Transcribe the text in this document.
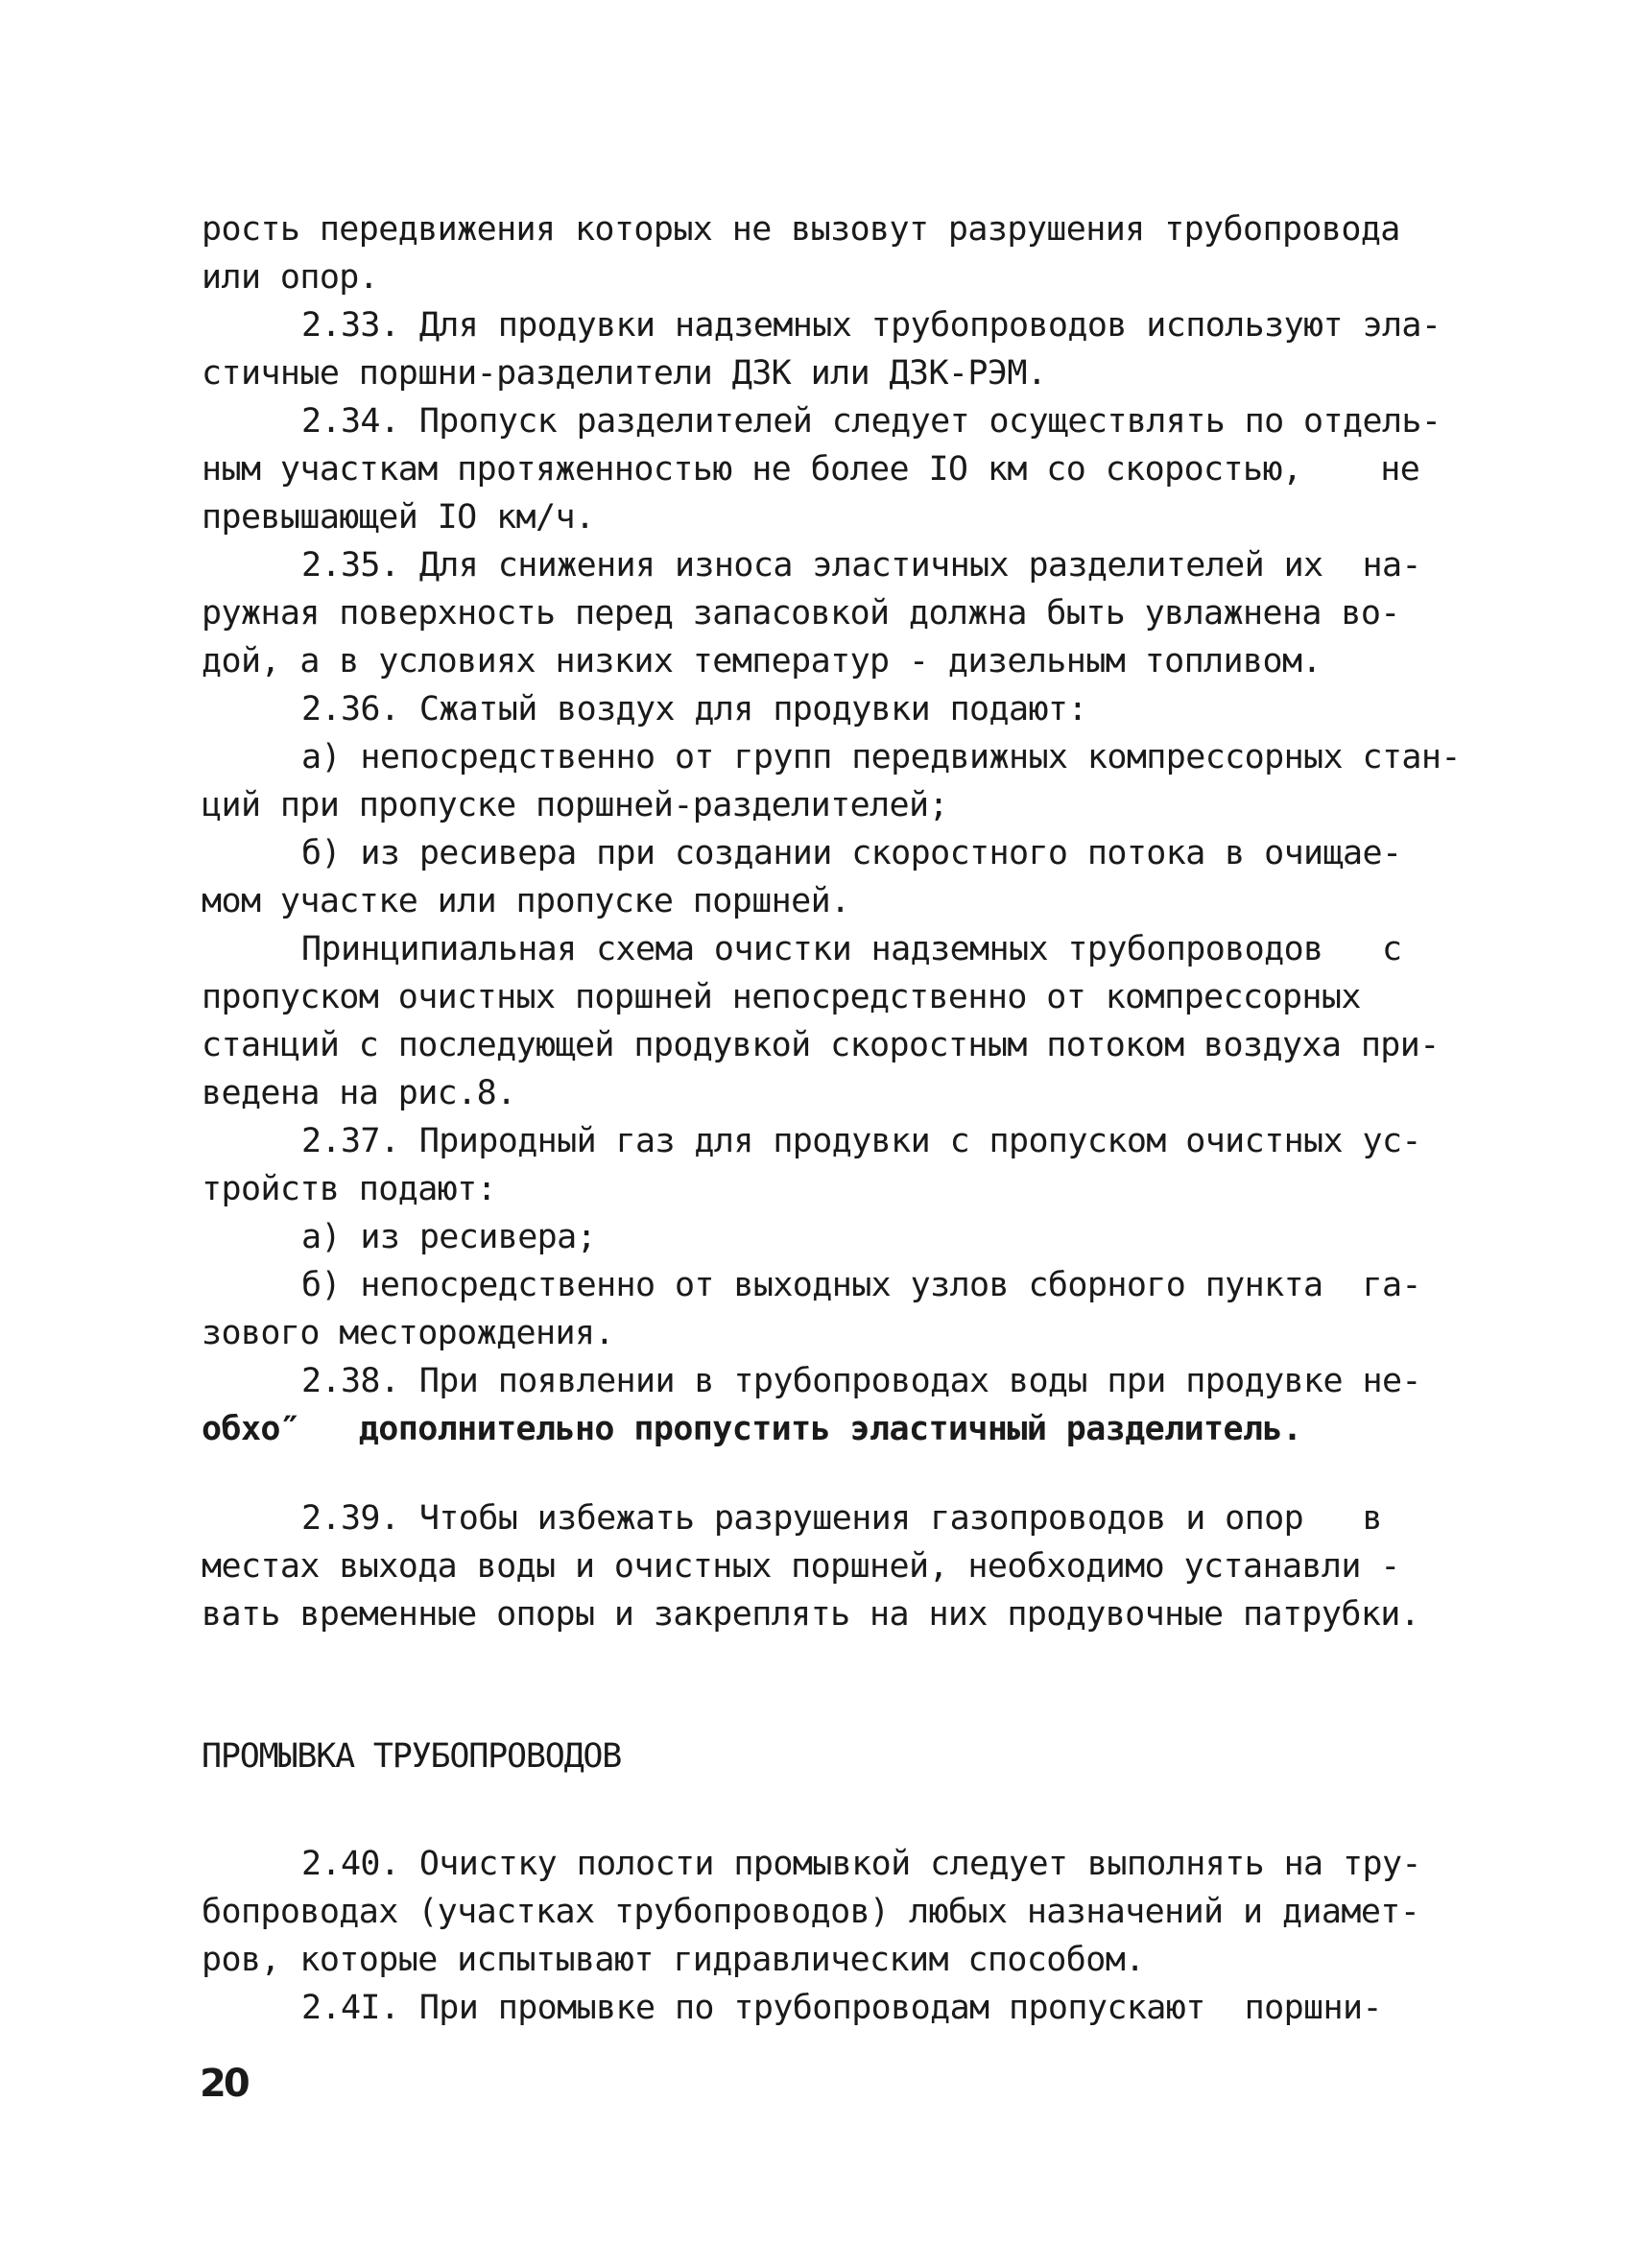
рость передвижения которых не вызовут разрушения трубопровода
или опор.
2.33. Для продувки надземных трубопроводов используют эла-
стичные поршни-разделители ДЗК или ДЗК-РЭМ.
2.34. Пропуск разделителей следует осуществлять по отдель-
ным участкам протяженностью не более IO км со скоростью,    не
превышающей IO км/ч.
2.35. Для снижения износа эластичных разделителей их  на-
ружная поверхность перед запасовкой должна быть увлажнена во-
дой, а в условиях низких температур - дизельным топливом.
2.36. Сжатый воздух для продувки подают:
а) непосредственно от групп передвижных компрессорных стан-
ций при пропуске поршней-разделителей;
б) из ресивера при создании скоростного потока в очищае-
мом участке или пропуске поршней.
Принципиальная схема очистки надземных трубопроводов   с
пропуском очистных поршней непосредственно от компрессорных
станций с последующей продувкой скоростным потоком воздуха при-
ведена на рис.8.
2.37. Природный газ для продувки с пропуском очистных ус-
тройств подают:
а) из ресивера;
б) непосредственно от выходных узлов сборного пункта  га-
зового месторождения.
2.38. При появлении в трубопроводах воды при продувке не-
обхо″   дополнительно пропустить эластичный разделитель.
2.39. Чтобы избежать разрушения газопроводов и опор   в
местах выхода воды и очистных поршней, необходимо устанавли -
вать временные опоры и закреплять на них продувочные патрубки.
ПРОМЫВКА ТРУБОПРОВОДОВ
2.40. Очистку полости промывкой следует выполнять на тру-
бопроводах (участках трубопроводов) любых назначений и диамет-
ров, которые испытывают гидравлическим способом.
2.4I. При промывке по трубопроводам пропускают  поршни-
20
